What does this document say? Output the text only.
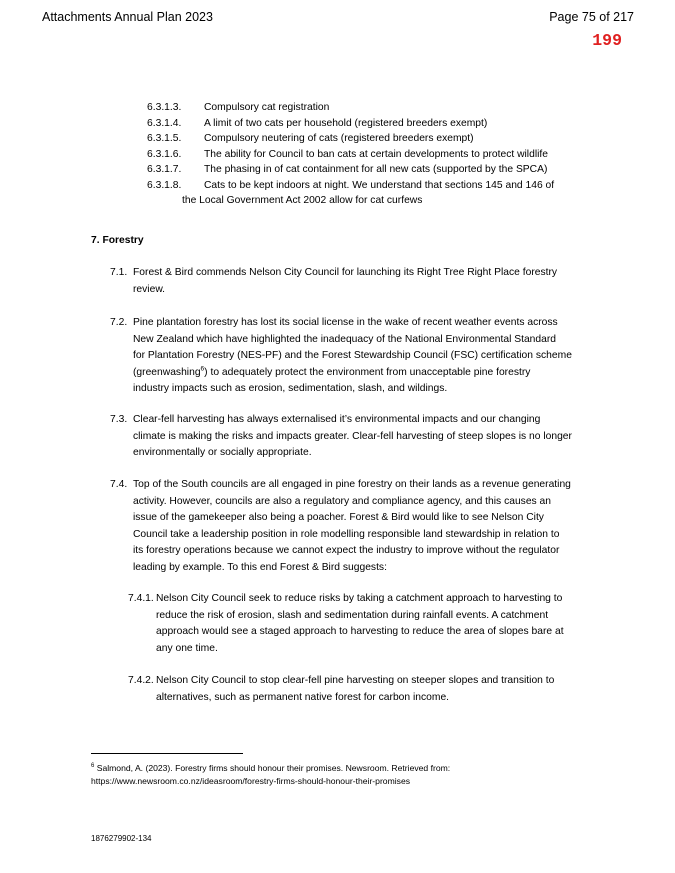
Attachments Annual Plan 2023	Page 75 of 217
199
6.3.1.3. Compulsory cat registration
6.3.1.4. A limit of two cats per household (registered breeders exempt)
6.3.1.5. Compulsory neutering of cats (registered breeders exempt)
6.3.1.6. The ability for Council to ban cats at certain developments to protect wildlife
6.3.1.7. The phasing in of cat containment for all new cats (supported by the SPCA)
6.3.1.8. Cats to be kept indoors at night. We understand that sections 145 and 146 of
the Local Government Act 2002 allow for cat curfews
7. Forestry
7.1. Forest & Bird commends Nelson City Council for launching its Right Tree Right Place forestry
review.
7.2. Pine plantation forestry has lost its social license in the wake of recent weather events across
New Zealand which have highlighted the inadequacy of the National Environmental Standard
for Plantation Forestry (NES-PF) and the Forest Stewardship Council (FSC) certification scheme
(greenwashing$^6$) to adequately protect the environment from unacceptable pine forestry
industry impacts such as erosion, sedimentation, slash, and wildings.
7.3. Clear-fell harvesting has always externalised it’s environmental impacts and our changing
climate is making the risks and impacts greater. Clear-fell harvesting of steep slopes is no longer
environmentally or socially appropriate.
7.4. Top of the South councils are all engaged in pine forestry on their lands as a revenue generating
activity. However, councils are also a regulatory and compliance agency, and this causes an
issue of the gamekeeper also being a poacher. Forest & Bird would like to see Nelson City
Council take a leadership position in role modelling responsible land stewardship in relation to
its forestry operations because we cannot expect the industry to improve without the regulator
leading by example. To this end Forest & Bird suggests:
7.4.1. Nelson City Council seek to reduce risks by taking a catchment approach to harvesting to
reduce the risk of erosion, slash and sedimentation during rainfall events. A catchment
approach would see a staged approach to harvesting to reduce the area of slopes bare at
any one time.
7.4.2. Nelson City Council to stop clear-fell pine harvesting on steeper slopes and transition to
alternatives, such as permanent native forest for carbon income.
$^6$ Salmond, A. (2023). Forestry firms should honour their promises. Newsroom. Retrieved from:
https://www.newsroom.co.nz/ideasroom/forestry-firms-should-honour-their-promises
1876279902-134
